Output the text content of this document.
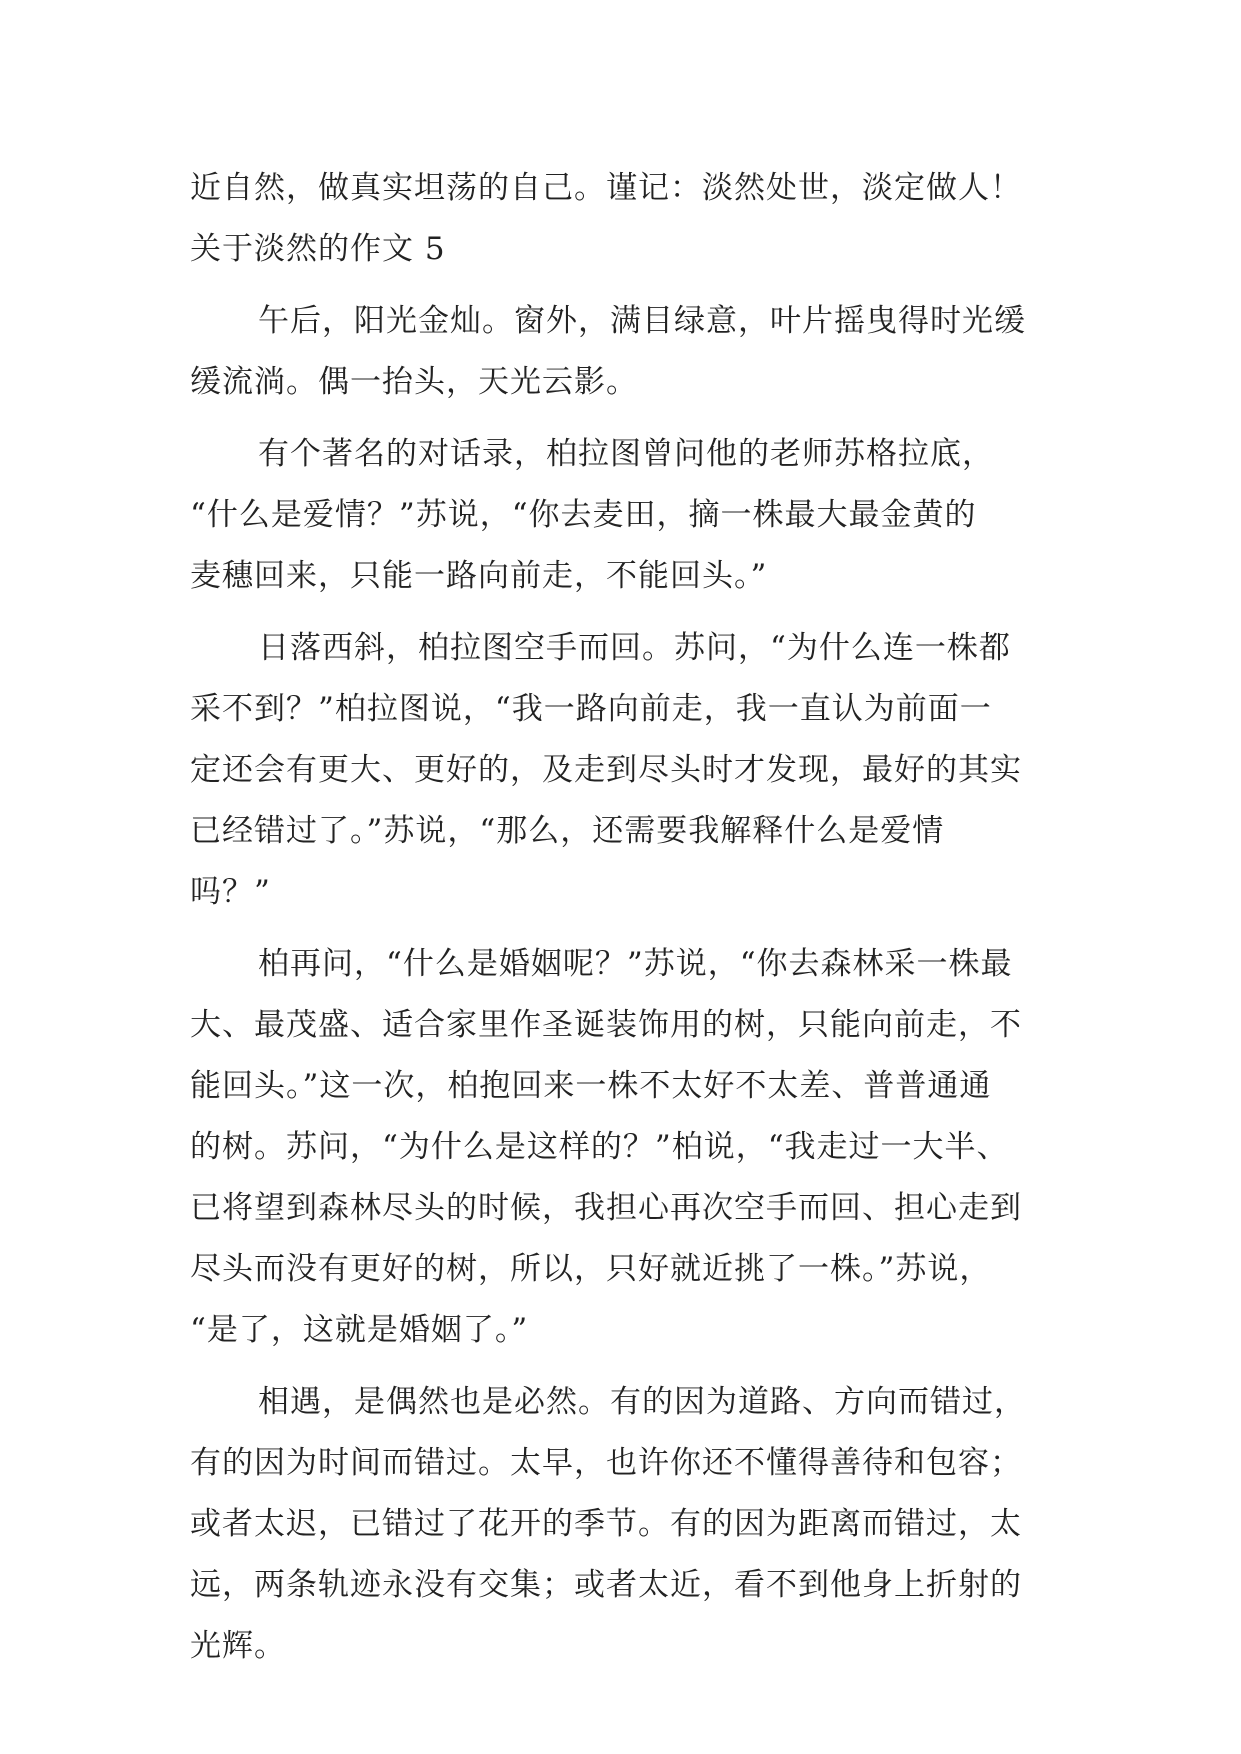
近自然，做真实坦荡的自己。谨记：淡然处世，淡定做人！
关于淡然的作文 5
午后，阳光金灿。窗外，满目绿意，叶片摇曳得时光缓
缓流淌。偶一抬头，天光云影。
有个著名的对话录，柏拉图曾问他的老师苏格拉底，
“什么是爱情？”苏说，“你去麦田，摘一株最大最金黄的
麦穗回来，只能一路向前走，不能回头。”
日落西斜，柏拉图空手而回。苏问，“为什么连一株都
采不到？”柏拉图说，“我一路向前走，我一直认为前面一
定还会有更大、更好的，及走到尽头时才发现，最好的其实
已经错过了。”苏说，“那么，还需要我解释什么是爱情
吗？”
柏再问，“什么是婚姻呢？”苏说，“你去森林采一株最
大、最茂盛、适合家里作圣诞装饰用的树，只能向前走，不
能回头。”这一次，柏抱回来一株不太好不太差、普普通通
的树。苏问，“为什么是这样的？”柏说，“我走过一大半、
已将望到森林尽头的时候，我担心再次空手而回、担心走到
尽头而没有更好的树，所以，只好就近挑了一株。”苏说，
“是了，这就是婚姻了。”
相遇，是偶然也是必然。有的因为道路、方向而错过，
有的因为时间而错过。太早，也许你还不懂得善待和包容；
或者太迟，已错过了花开的季节。有的因为距离而错过，太
远，两条轨迹永没有交集；或者太近，看不到他身上折射的
光辉。
